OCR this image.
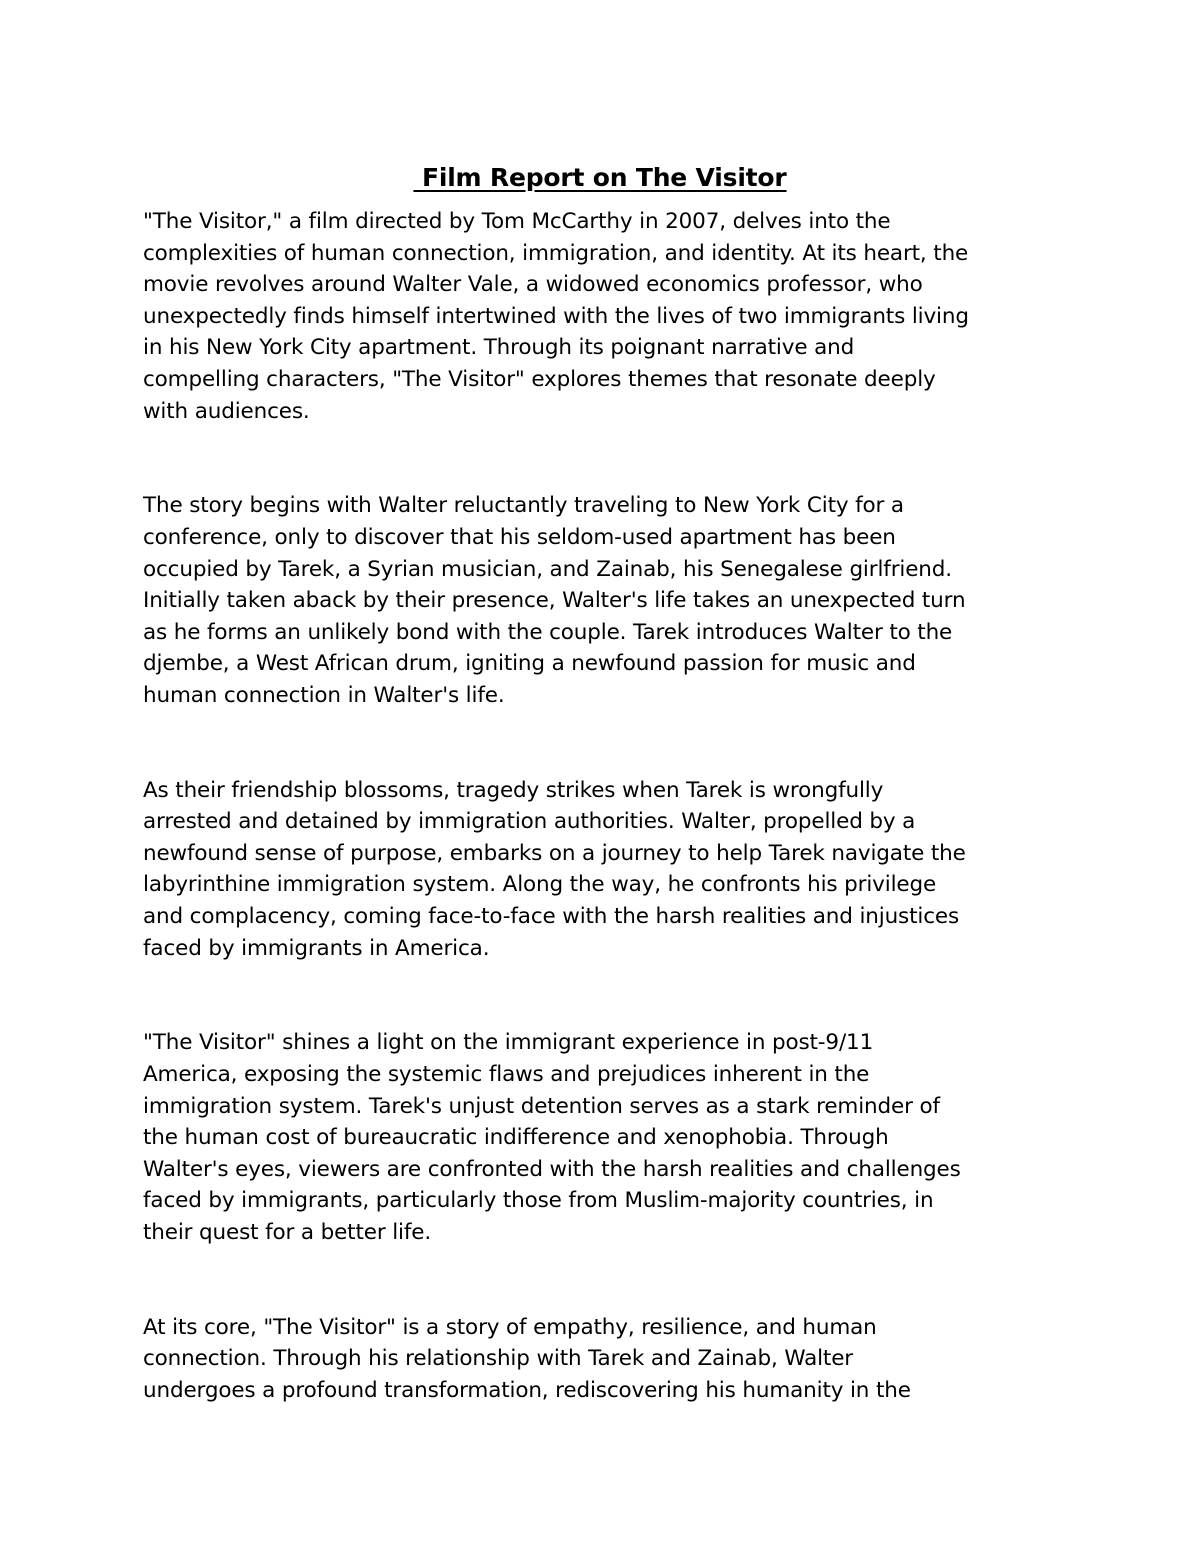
Film Report on The Visitor
"The Visitor," a film directed by Tom McCarthy in 2007, delves into the
complexities of human connection, immigration, and identity. At its heart, the
movie revolves around Walter Vale, a widowed economics professor, who
unexpectedly finds himself intertwined with the lives of two immigrants living
in his New York City apartment. Through its poignant narrative and
compelling characters, "The Visitor" explores themes that resonate deeply
with audiences.
The story begins with Walter reluctantly traveling to New York City for a
conference, only to discover that his seldom-used apartment has been
occupied by Tarek, a Syrian musician, and Zainab, his Senegalese girlfriend.
Initially taken aback by their presence, Walter's life takes an unexpected turn
as he forms an unlikely bond with the couple. Tarek introduces Walter to the
djembe, a West African drum, igniting a newfound passion for music and
human connection in Walter's life.
As their friendship blossoms, tragedy strikes when Tarek is wrongfully
arrested and detained by immigration authorities. Walter, propelled by a
newfound sense of purpose, embarks on a journey to help Tarek navigate the
labyrinthine immigration system. Along the way, he confronts his privilege
and complacency, coming face-to-face with the harsh realities and injustices
faced by immigrants in America.
"The Visitor" shines a light on the immigrant experience in post-9/11
America, exposing the systemic flaws and prejudices inherent in the
immigration system. Tarek's unjust detention serves as a stark reminder of
the human cost of bureaucratic indifference and xenophobia. Through
Walter's eyes, viewers are confronted with the harsh realities and challenges
faced by immigrants, particularly those from Muslim-majority countries, in
their quest for a better life.
At its core, "The Visitor" is a story of empathy, resilience, and human
connection. Through his relationship with Tarek and Zainab, Walter
undergoes a profound transformation, rediscovering his humanity in the
